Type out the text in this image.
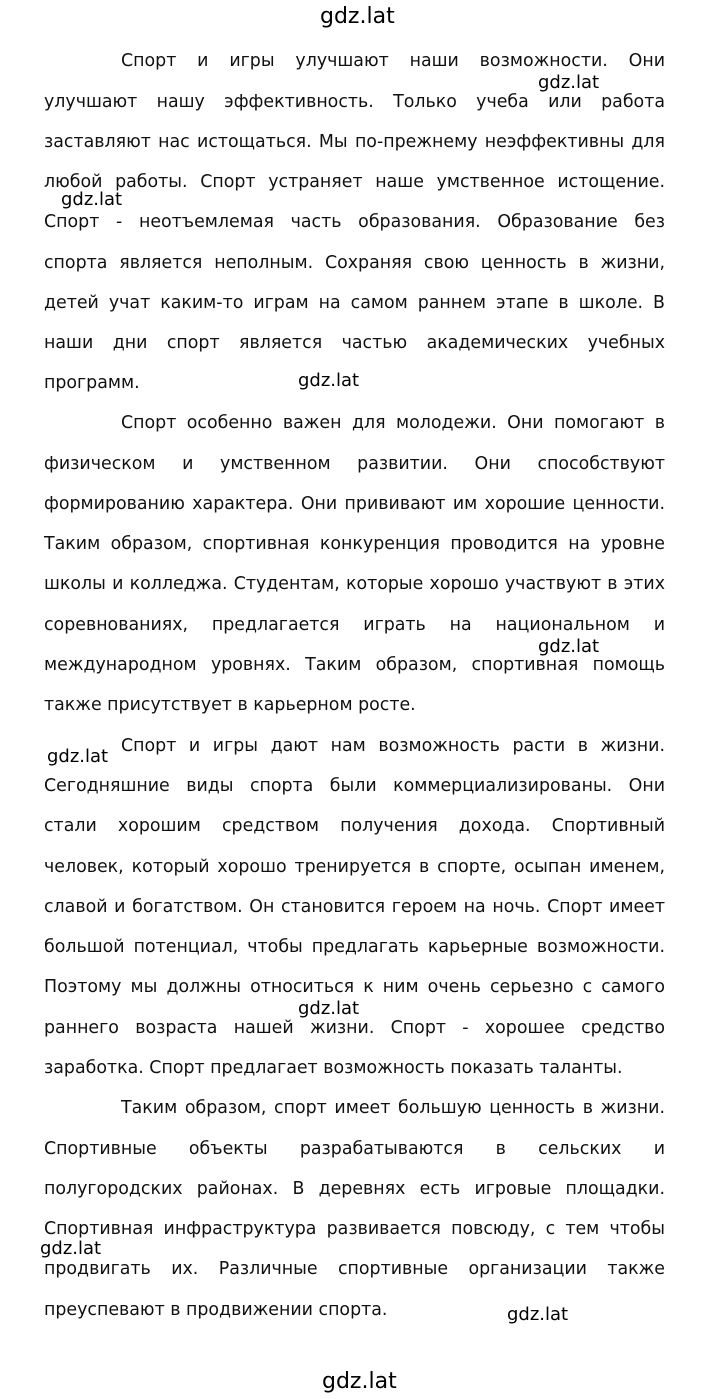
gdz.lat
Спорт и игры улучшают наши возможности. Они
gdz.lat
улучшают нашу эффективность. Только учеба или работа
заставляют нас истощаться. Мы по-прежнему неэффективны для
любой работы. Спорт устраняет наше умственное истощение.
gdz.lat
Спорт - неотъемлемая часть образования. Образование без
спорта является неполным. Сохраняя свою ценность в жизни,
детей учат каким-то играм на самом раннем этапе в школе. В
наши дни спорт является частью академических учебных
программ.	gdz.lat
Спорт особенно важен для молодежи. Они помогают в
физическом и умственном развитии. Они способствуют
формированию характера. Они прививают им хорошие ценности.
Таким образом, спортивная конкуренция проводится на уровне
школы и колледжа. Студентам, которые хорошо участвуют в этих
соревнованиях, предлагается играть на национальном и
gdz.lat
международном уровнях. Таким образом, спортивная помощь
также присутствует в карьерном росте.
gdz.lat Спорт и игры дают нам возможность расти в жизни.
Сегодняшние виды спорта были коммерциализированы. Они
стали хорошим средством получения дохода. Спортивный
человек, который хорошо тренируется в спорте, осыпан именем,
славой и богатством. Он становится героем на ночь. Спорт имеет
большой потенциал, чтобы предлагать карьерные возможности.
Поэтому мы должны относиться к ним очень серьезно с самого
gdz.lat
раннего возраста нашей жизни. Спорт - хорошее средство
заработка. Спорт предлагает возможность показать таланты.
Таким образом, спорт имеет большую ценность в жизни.
Спортивные объекты разрабатываются в сельских и
полугородских районах. В деревнях есть игровые площадки.
Спортивная инфраструктура развивается повсюду, с тем чтобы
gdz.lat
продвигать их. Различные спортивные организации также
преуспевают в продвижении спорта.	gdz.lat
gdz.lat
